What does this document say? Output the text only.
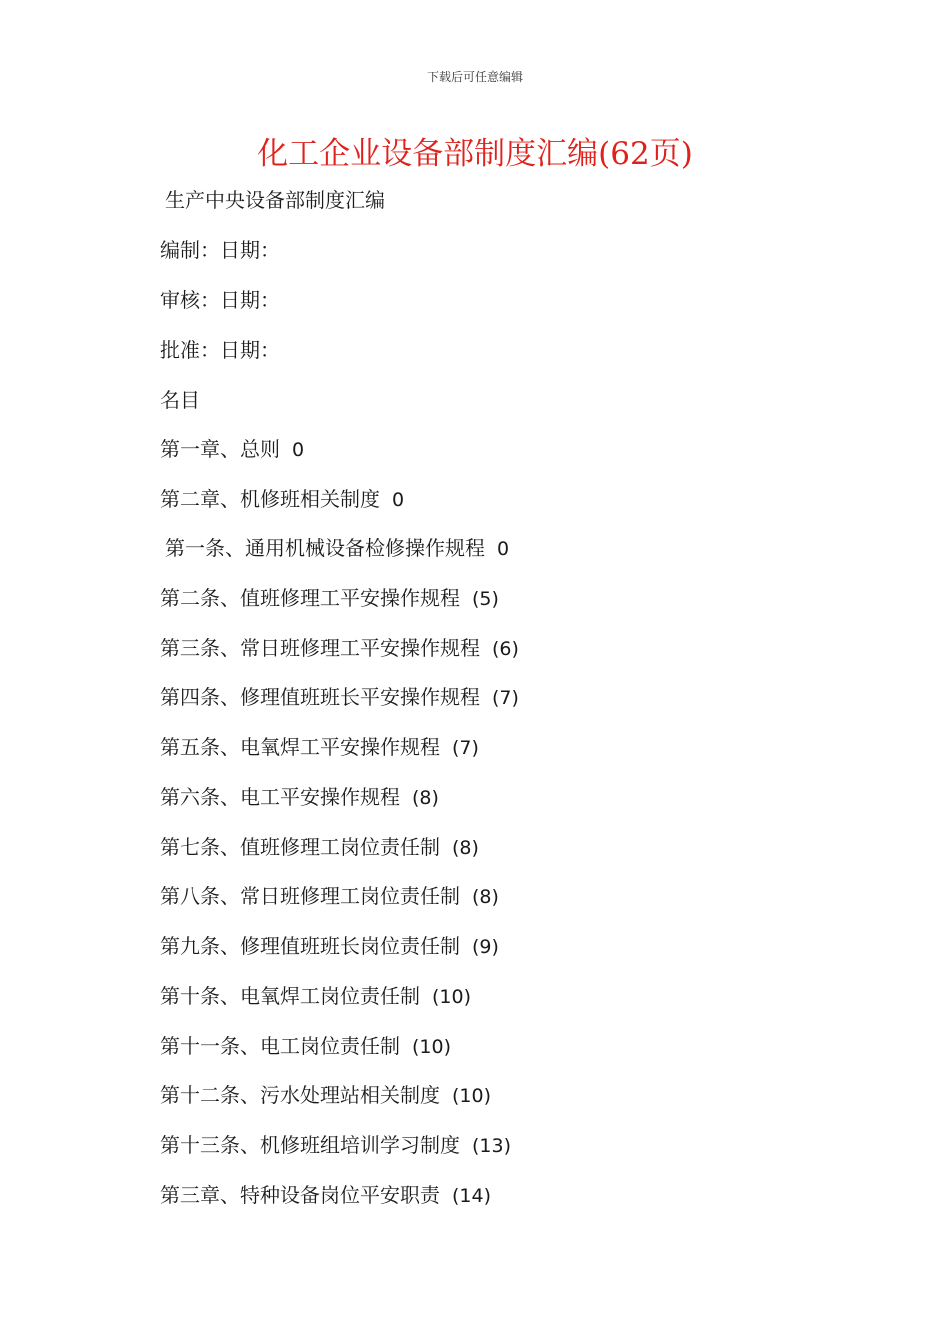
下载后可任意编辑
化工企业设备部制度汇编(62页)
生产中央设备部制度汇编
编制：日期：
审核：日期：
批准：日期：
名目
第一章、总则 0
第二章、机修班相关制度 0
第一条、通用机械设备检修操作规程 0
第二条、值班修理工平安操作规程 (5)
第三条、常日班修理工平安操作规程 (6)
第四条、修理值班班长平安操作规程 (7)
第五条、电氧焊工平安操作规程 (7)
第六条、电工平安操作规程 (8)
第七条、值班修理工岗位责任制 (8)
第八条、常日班修理工岗位责任制 (8)
第九条、修理值班班长岗位责任制 (9)
第十条、电氧焊工岗位责任制 (10)
第十一条、电工岗位责任制 (10)
第十二条、污水处理站相关制度 (10)
第十三条、机修班组培训学习制度 (13)
第三章、特种设备岗位平安职责 (14)
